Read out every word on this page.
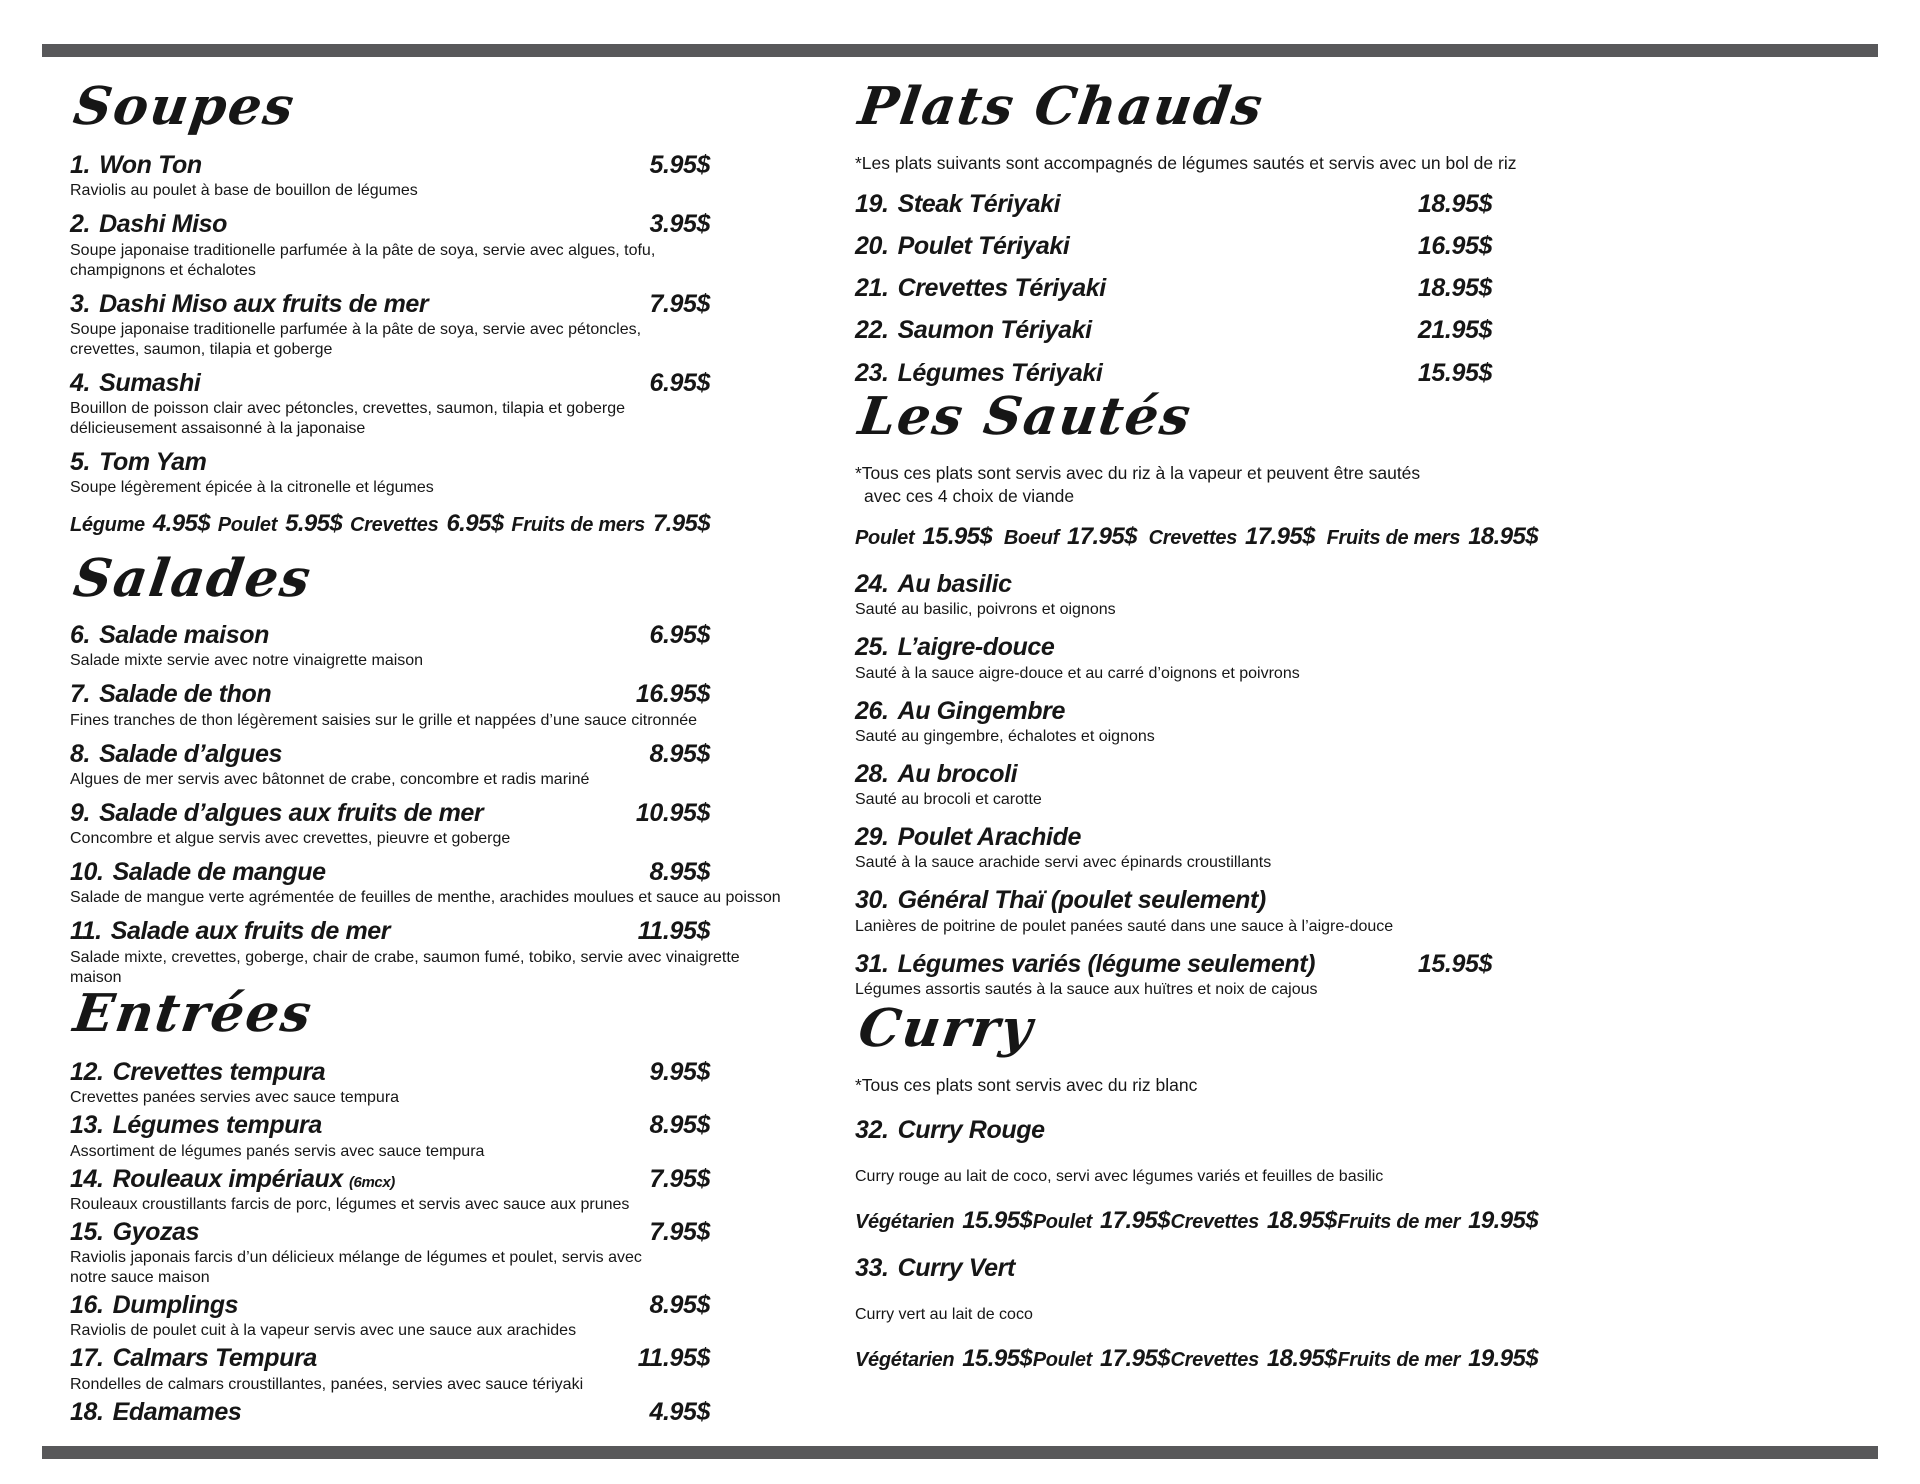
Soupes
1. Won Ton	5.95$
Raviolis au poulet à base de bouillon de légumes
2. Dashi Miso	3.95$
Soupe japonaise traditionelle parfumée à la pâte de soya, servie avec algues, tofu,
champignons et échalotes
3. Dashi Miso aux fruits de mer	7.95$
Soupe japonaise traditionelle parfumée à la pâte de soya, servie avec pétoncles,
crevettes, saumon, tilapia et goberge
4. Sumashi	6.95$
Bouillon de poisson clair avec pétoncles, crevettes, saumon, tilapia et goberge
délicieusement assaisonné à la japonaise
5. Tom Yam
Soupe légèrement épicée à la citronelle et légumes
Légume 4.95$ Poulet 5.95$ Crevettes 6.95$ Fruits de mers 7.95$
Salades
6. Salade maison	6.95$
Salade mixte servie avec notre vinaigrette maison
7. Salade de thon	16.95$
Fines tranches de thon légèrement saisies sur le grille et nappées d’une sauce citronnée
8. Salade d’algues	8.95$
Algues de mer servis avec bâtonnet de crabe, concombre et radis mariné
9. Salade d’algues aux fruits de mer	10.95$
Concombre et algue servis avec crevettes, pieuvre et goberge
10. Salade de mangue	8.95$
Salade de mangue verte agrémentée de feuilles de menthe, arachides moulues et sauce au poisson
11. Salade aux fruits de mer	11.95$
Salade mixte, crevettes, goberge, chair de crabe, saumon fumé, tobiko, servie avec vinaigrette
maison
Entrées
12. Crevettes tempura	9.95$
Crevettes panées servies avec sauce tempura
13. Légumes tempura	8.95$
Assortiment de légumes panés servis avec sauce tempura
14. Rouleaux impériaux (6mcx)	7.95$
Rouleaux croustillants farcis de porc, légumes et servis avec sauce aux prunes
15. Gyozas	7.95$
Raviolis japonais farcis d’un délicieux mélange de légumes et poulet, servis avec
notre sauce maison
16. Dumplings	8.95$
Raviolis de poulet cuit à la vapeur servis avec une sauce aux arachides
17. Calmars Tempura	11.95$
Rondelles de calmars croustillantes, panées, servies avec sauce tériyaki
18. Edamames	4.95$
Plats Chauds
*Les plats suivants sont accompagnés de légumes sautés et servis avec un bol de riz
19. Steak Tériyaki	18.95$
20. Poulet Tériyaki	16.95$
21. Crevettes Tériyaki	18.95$
22. Saumon Tériyaki	21.95$
23. Légumes Tériyaki	15.95$
Les Sautés
*Tous ces plats sont servis avec du riz à la vapeur et peuvent être sautés
avec ces 4 choix de viande
Poulet 15.95$ Boeuf 17.95$ Crevettes 17.95$ Fruits de mers 18.95$
24. Au basilic
Sauté au basilic, poivrons et oignons
25. L’aigre-douce
Sauté à la sauce aigre-douce et au carré d’oignons et poivrons
26. Au Gingembre
Sauté au gingembre, échalotes et oignons
28. Au brocoli
Sauté au brocoli et carotte
29. Poulet Arachide
Sauté à la sauce arachide servi avec épinards croustillants
30. Général Thaï (poulet seulement)
Lanières de poitrine de poulet panées sauté dans une sauce à l’aigre-douce
31. Légumes variés (légume seulement)	15.95$
Légumes assortis sautés à la sauce aux huïtres et noix de cajous
Curry
*Tous ces plats sont servis avec du riz blanc
32. Curry Rouge
Curry rouge au lait de coco, servi avec légumes variés et feuilles de basilic
Végétarien 15.95$ Poulet 17.95$ Crevettes 18.95$ Fruits de mer 19.95$
33. Curry Vert
Curry vert au lait de coco
Végétarien 15.95$ Poulet 17.95$ Crevettes 18.95$ Fruits de mer 19.95$
